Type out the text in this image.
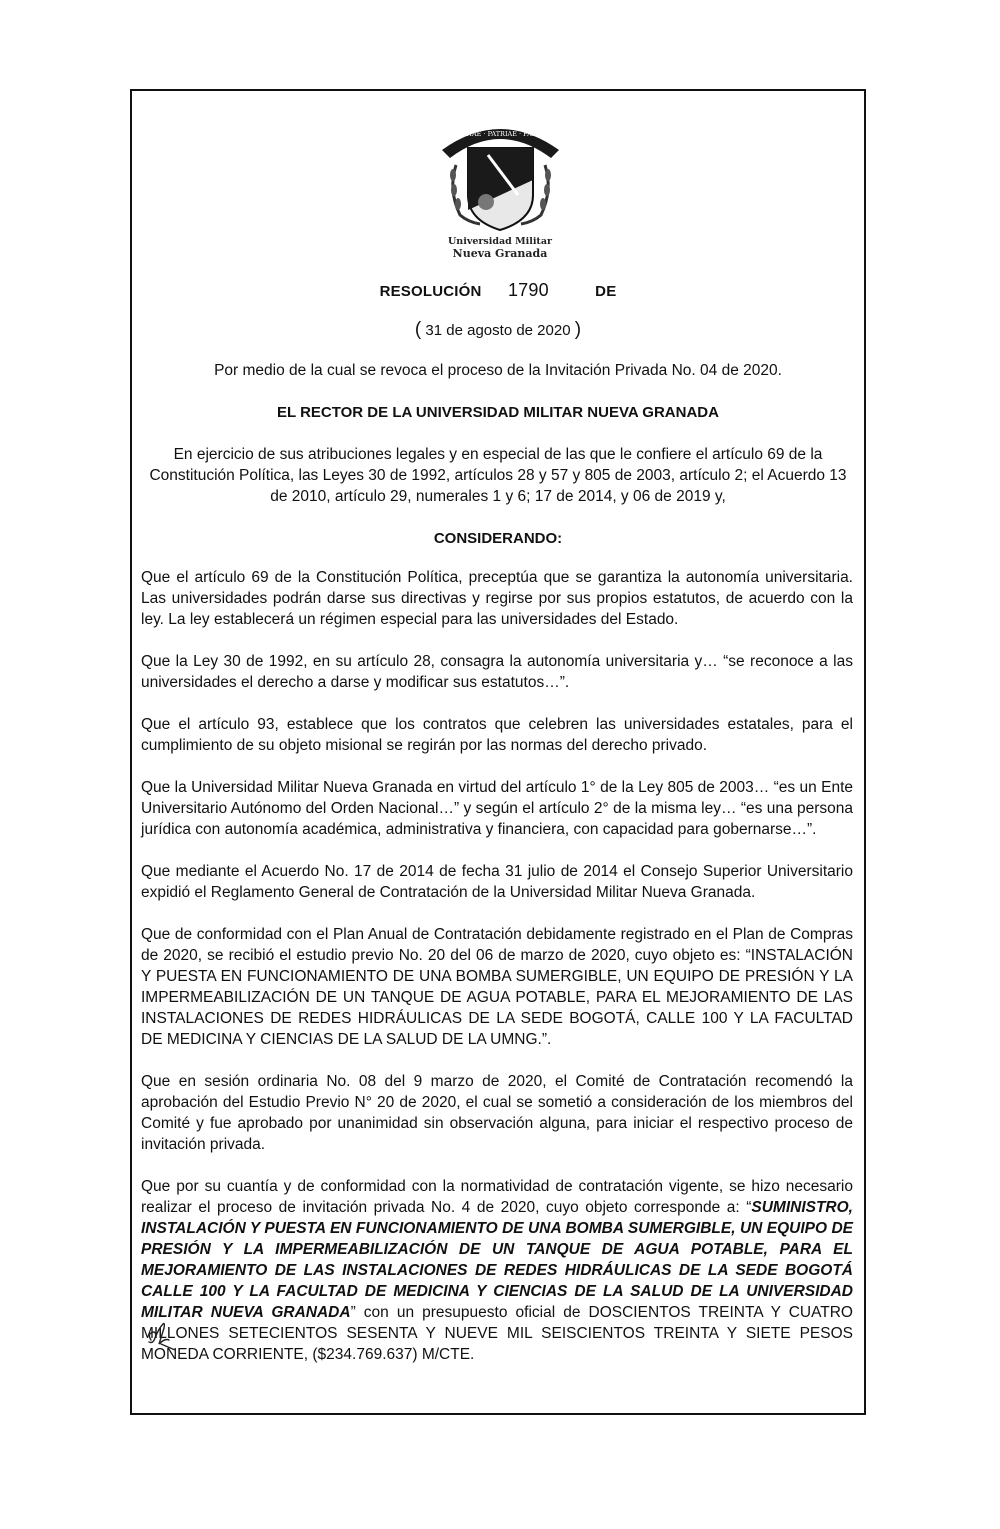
SCIENTIAE · PATRIAE · FAMILIAE
Universidad Militar
Nueva Granada
RESOLUCIÓN 1790	DE
( 31 de agosto de 2020 )
Por medio de la cual se revoca el proceso de la Invitación Privada No. 04 de 2020.
EL RECTOR DE LA UNIVERSIDAD MILITAR NUEVA GRANADA
En ejercicio de sus atribuciones legales y en especial de las que le confiere el artículo 69 de la Constitución Política, las Leyes 30 de 1992, artículos 28 y 57 y 805 de 2003, artículo 2; el Acuerdo 13 de 2010, artículo 29, numerales 1 y 6; 17 de 2014, y 06 de 2019 y,
CONSIDERANDO:

Que el artículo 69 de la Constitución Política, preceptúa que se garantiza la autonomía universitaria. Las universidades podrán darse sus directivas y regirse por sus propios estatutos, de acuerdo con la ley. La ley establecerá un régimen especial para las universidades del Estado.

Que la Ley 30 de 1992, en su artículo 28, consagra la autonomía universitaria y… “se reconoce a las universidades el derecho a darse y modificar sus estatutos…”.

Que el artículo 93, establece que los contratos que celebren las universidades estatales, para el cumplimiento de su objeto misional se regirán por las normas del derecho privado.

Que la Universidad Militar Nueva Granada en virtud del artículo 1° de la Ley 805 de 2003… “es un Ente Universitario Autónomo del Orden Nacional…” y según el artículo 2° de la misma ley… “es una persona jurídica con autonomía académica, administrativa y financiera, con capacidad para gobernarse…”.

Que mediante el Acuerdo No. 17 de 2014 de fecha 31 julio de 2014 el Consejo Superior Universitario expidió el Reglamento General de Contratación de la Universidad Militar Nueva Granada.

Que de conformidad con el Plan Anual de Contratación debidamente registrado en el Plan de Compras de 2020, se recibió el estudio previo No. 20 del 06 de marzo de 2020, cuyo objeto es: “INSTALACIÓN Y PUESTA EN FUNCIONAMIENTO DE UNA BOMBA SUMERGIBLE, UN EQUIPO DE PRESIÓN Y LA IMPERMEABILIZACIÓN DE UN TANQUE DE AGUA POTABLE, PARA EL MEJORAMIENTO DE LAS INSTALACIONES DE REDES HIDRÁULICAS DE LA SEDE BOGOTÁ, CALLE 100 Y LA FACULTAD DE MEDICINA Y CIENCIAS DE LA SALUD DE LA UMNG.”.

Que en sesión ordinaria No. 08 del 9 marzo de 2020, el Comité de Contratación recomendó la aprobación del Estudio Previo N° 20 de 2020, el cual se sometió a consideración de los miembros del Comité y fue aprobado por unanimidad sin observación alguna, para iniciar el respectivo proceso de invitación privada.

Que por su cuantía y de conformidad con la normatividad de contratación vigente, se hizo necesario realizar el proceso de invitación privada No. 4 de 2020, cuyo objeto corresponde a: “SUMINISTRO, INSTALACIÓN Y PUESTA EN FUNCIONAMIENTO DE UNA BOMBA SUMERGIBLE, UN EQUIPO DE PRESIÓN Y LA IMPERMEABILIZACIÓN DE UN TANQUE DE AGUA POTABLE, PARA EL MEJORAMIENTO DE LAS INSTALACIONES DE REDES HIDRÁULICAS DE LA SEDE BOGOTÁ CALLE 100 Y LA FACULTAD DE MEDICINA Y CIENCIAS DE LA SALUD DE LA UNIVERSIDAD MILITAR NUEVA GRANADA” con un presupuesto oficial de DOSCIENTOS TREINTA Y CUATRO MILLONES SETECIENTOS SESENTA Y NUEVE MIL SEISCIENTOS TREINTA Y SIETE PESOS MONEDA CORRIENTE, ($234.769.637) M/CTE.
